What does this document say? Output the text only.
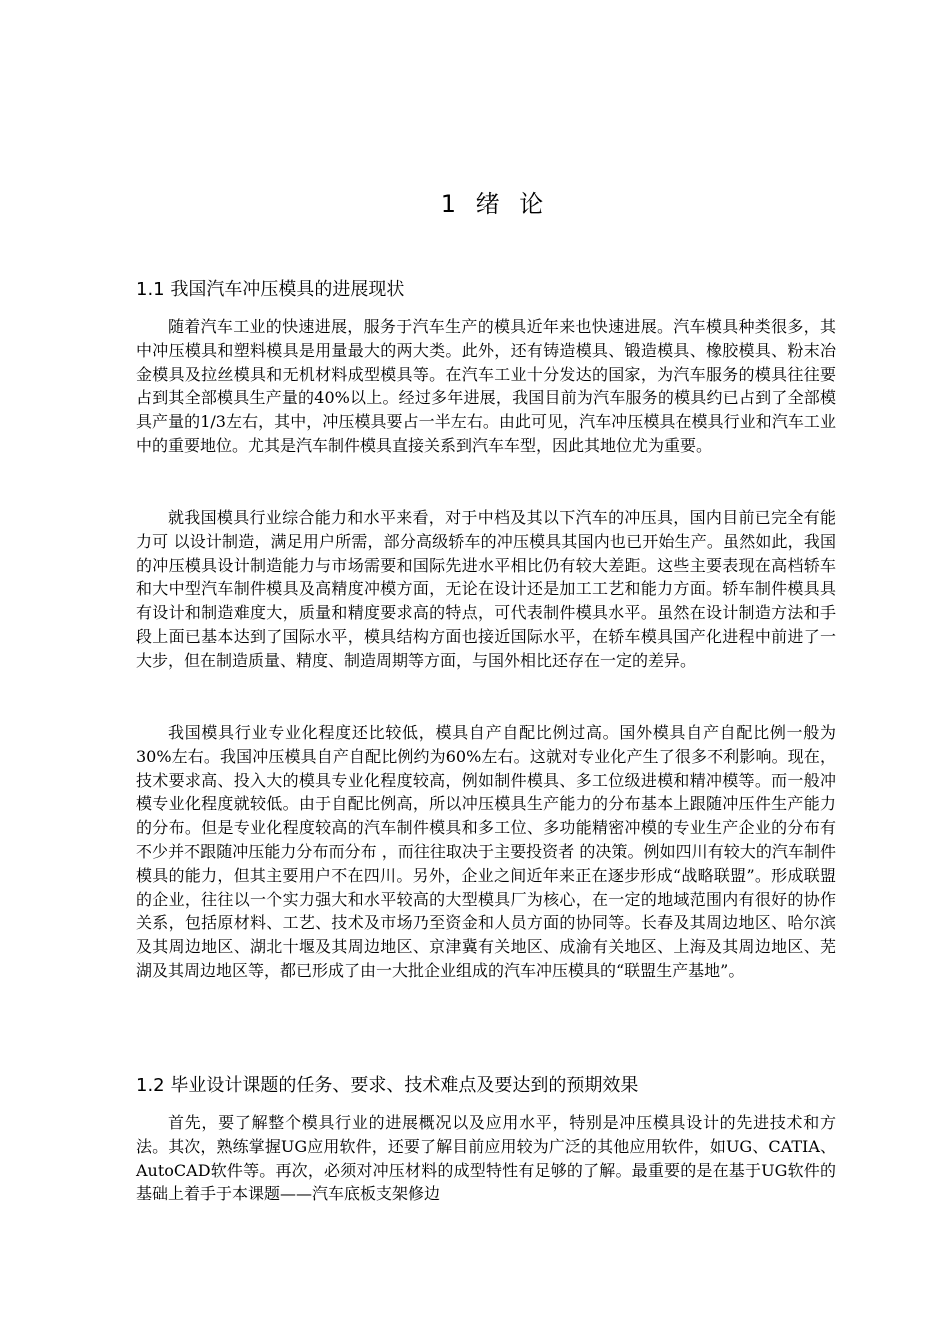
1 绪 论
1.1 我国汽车冲压模具的进展现状

随着汽车工业的快速进展，服务于汽车生产的模具近年来也快速进展。汽车模具种类很多，其中冲压模具和塑料模具是用量最大的两大类。此外，还有铸造模具、锻造模具、橡胶模具、粉末冶金模具及拉丝模具和无机材料成型模具等。在汽车工业十分发达的国家，为汽车服务的模具往往要占到其全部模具生产量的40%以上。经过多年进展，我国目前为汽车服务的模具约已占到了全部模具产量的1/3左右，其中，冲压模具要占一半左右。由此可见，汽车冲压模具在模具行业和汽车工业中的重要地位。尤其是汽车制件模具直接关系到汽车车型，因此其地位尤为重要。

就我国模具行业综合能力和水平来看，对于中档及其以下汽车的冲压具，国内目前已完全有能力可 以设计制造，满足用户所需，部分高级轿车的冲压模具其国内也已开始生产。虽然如此，我国的冲压模具设计制造能力与市场需要和国际先进水平相比仍有较大差距。这些主要表现在高档轿车和大中型汽车制件模具及高精度冲模方面，无论在设计还是加工工艺和能力方面。轿车制件模具具有设计和制造难度大，质量和精度要求高的特点，可代表制件模具水平。虽然在设计制造方法和手段上面已基本达到了国际水平，模具结构方面也接近国际水平，在轿车模具国产化进程中前进了一大步，但在制造质量、精度、制造周期等方面，与国外相比还存在一定的差异。

我国模具行业专业化程度还比较低，模具自产自配比例过高。国外模具自产自配比例一般为30%左右。我国冲压模具自产自配比例约为60%左右。这就对专业化产生了很多不利影响。现在，技术要求高、投入大的模具专业化程度较高，例如制件模具、多工位级进模和精冲模等。而一般冲模专业化程度就较低。由于自配比例高，所以冲压模具生产能力的分布基本上跟随冲压件生产能力的分布。但是专业化程度较高的汽车制件模具和多工位、多功能精密冲模的专业生产企业的分布有不少并不跟随冲压能力分布而分布 ，而往往取决于主要投资者 的决策。例如四川有较大的汽车制件模具的能力，但其主要用户不在四川。另外，企业之间近年来正在逐步形成“战略联盟”。形成联盟的企业，往往以一个实力强大和水平较高的大型模具厂为核心，在一定的地域范围内有很好的协作关系，包括原材料、工艺、技术及市场乃至资金和人员方面的协同等。长春及其周边地区、哈尔滨及其周边地区、湖北十堰及其周边地区、京津冀有关地区、成渝有关地区、上海及其周边地区、芜湖及其周边地区等，都已形成了由一大批企业组成的汽车冲压模具的“联盟生产基地”。

1.2 毕业设计课题的任务、要求、技术难点及要达到的预期效果

首先，要了解整个模具行业的进展概况以及应用水平，特别是冲压模具设计的先进技术和方法。其次，熟练掌握UG应用软件，还要了解目前应用较为广泛的其他应用软件，如UG、CATIA、AutoCAD软件等。再次，必须对冲压材料的成型特性有足够的了解。最重要的是在基于UG软件的基础上着手于本课题——汽车底板支架修边
